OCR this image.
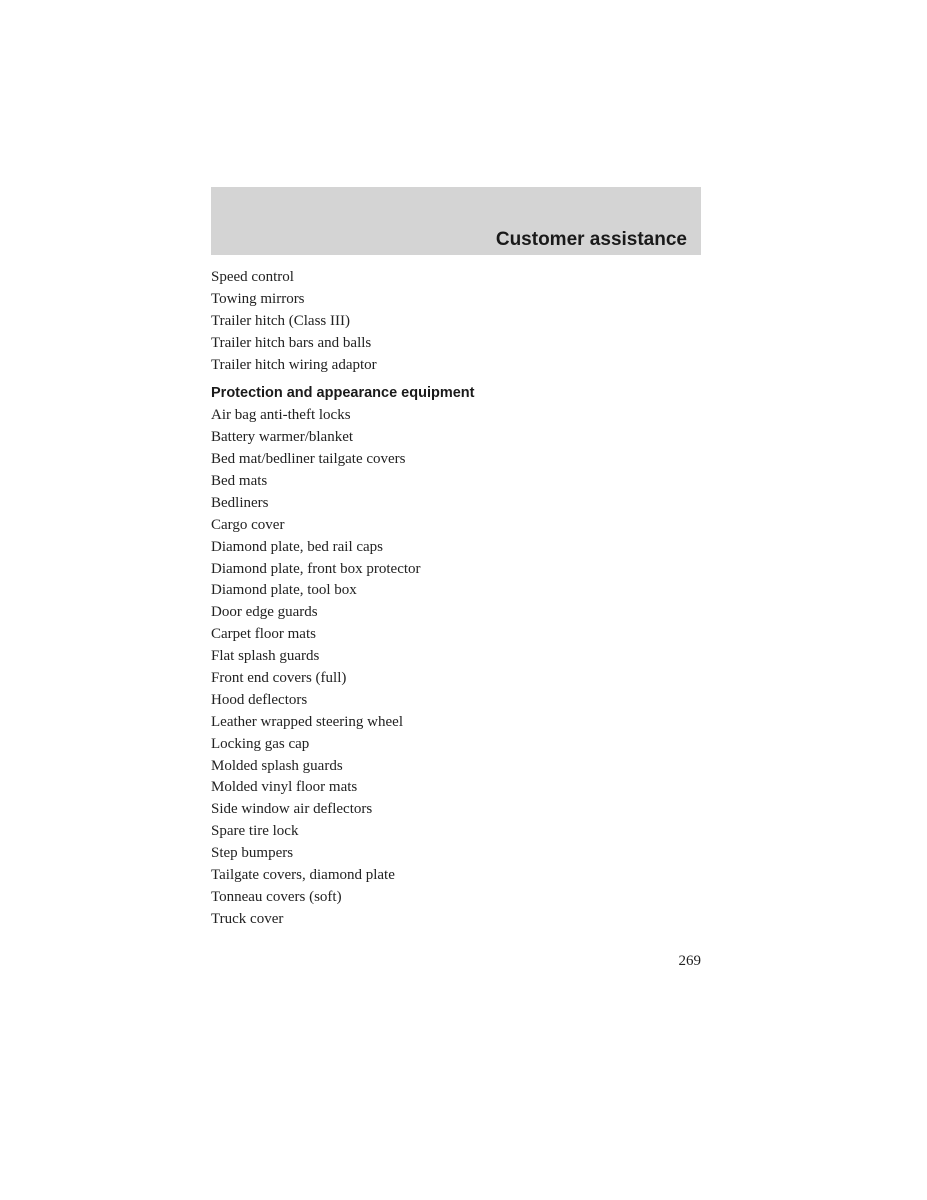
Customer assistance
Speed control
Towing mirrors
Trailer hitch (Class III)
Trailer hitch bars and balls
Trailer hitch wiring adaptor
Protection and appearance equipment
Air bag anti-theft locks
Battery warmer/blanket
Bed mat/bedliner tailgate covers
Bed mats
Bedliners
Cargo cover
Diamond plate, bed rail caps
Diamond plate, front box protector
Diamond plate, tool box
Door edge guards
Carpet floor mats
Flat splash guards
Front end covers (full)
Hood deflectors
Leather wrapped steering wheel
Locking gas cap
Molded splash guards
Molded vinyl floor mats
Side window air deflectors
Spare tire lock
Step bumpers
Tailgate covers, diamond plate
Tonneau covers (soft)
Truck cover
269
